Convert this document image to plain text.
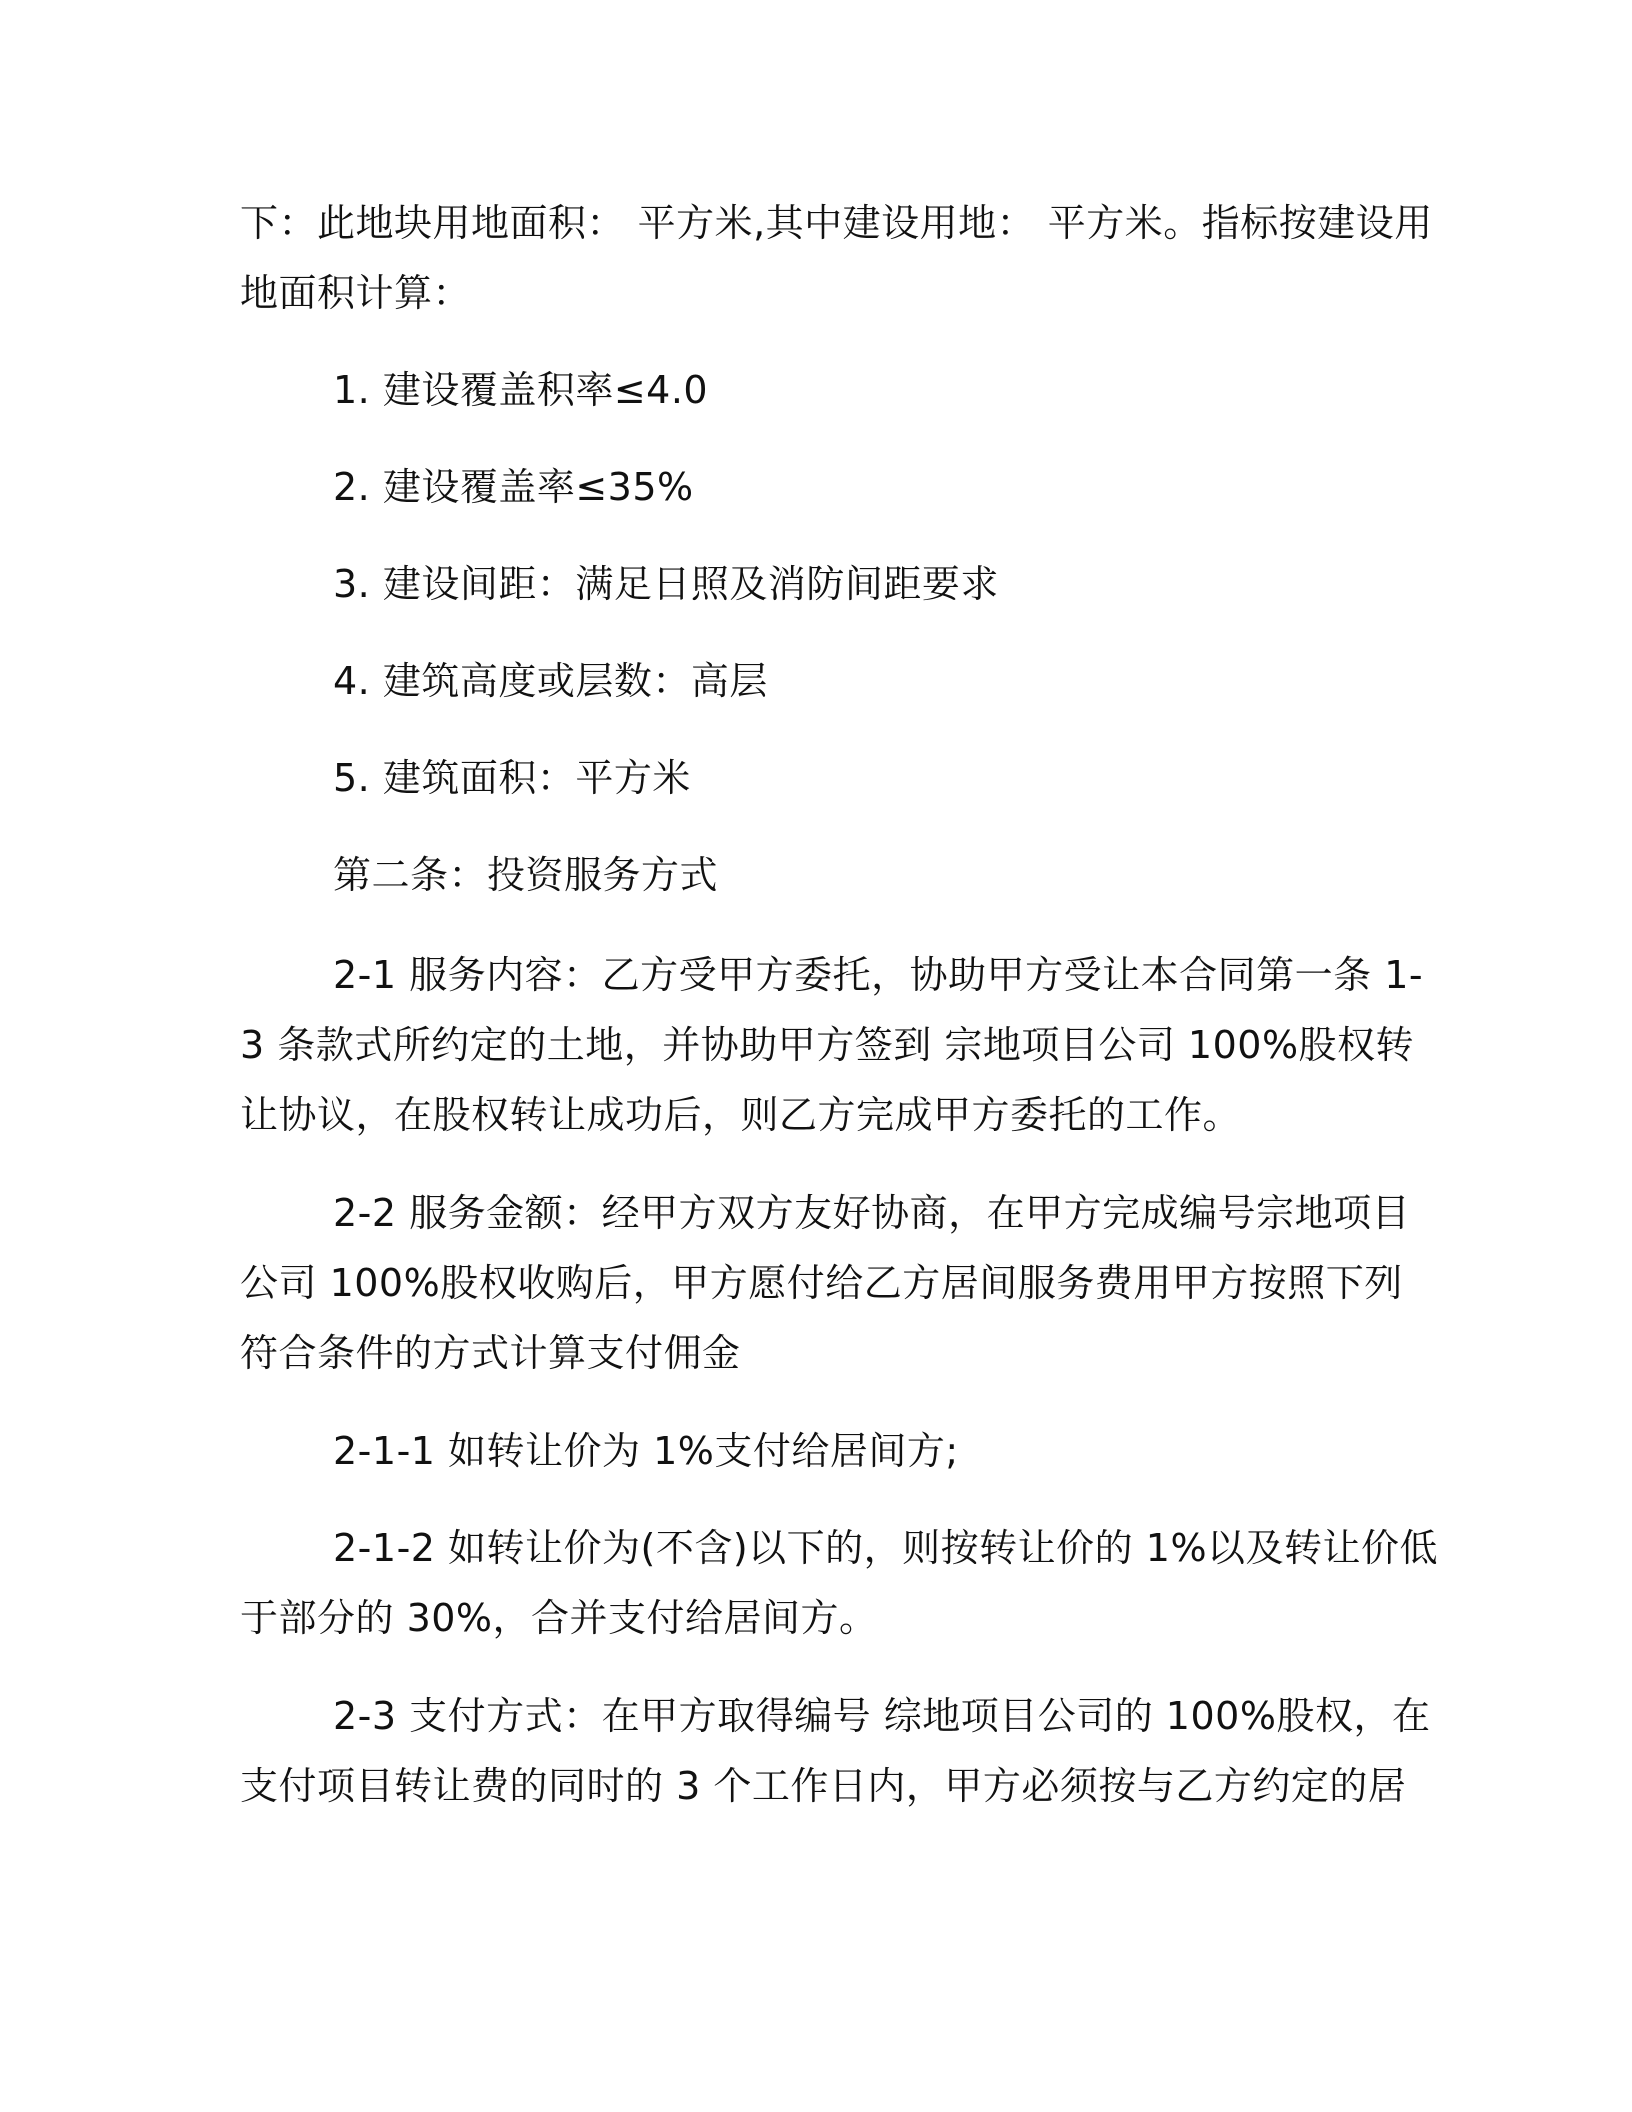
下：此地块用地面积： 平方米,其中建设用地： 平方米。指标按建设用
地面积计算：
1. 建设覆盖积率≤4.0
2. 建设覆盖率≤35%
3. 建设间距：满足日照及消防间距要求
4. 建筑高度或层数：高层
5. 建筑面积：平方米
第二条：投资服务方式
2-1 服务内容：乙方受甲方委托，协助甲方受让本合同第一条 1-
3 条款式所约定的土地，并协助甲方签到 宗地项目公司 100%股权转
让协议，在股权转让成功后，则乙方完成甲方委托的工作。
2-2 服务金额：经甲方双方友好协商，在甲方完成编号宗地项目
公司 100%股权收购后，甲方愿付给乙方居间服务费用甲方按照下列
符合条件的方式计算支付佣金
2-1-1 如转让价为 1%支付给居间方;
2-1-2 如转让价为(不含)以下的，则按转让价的 1%以及转让价低
于部分的 30%，合并支付给居间方。
2-3 支付方式：在甲方取得编号 综地项目公司的 100%股权，在
支付项目转让费的同时的 3 个工作日内，甲方必须按与乙方约定的居
